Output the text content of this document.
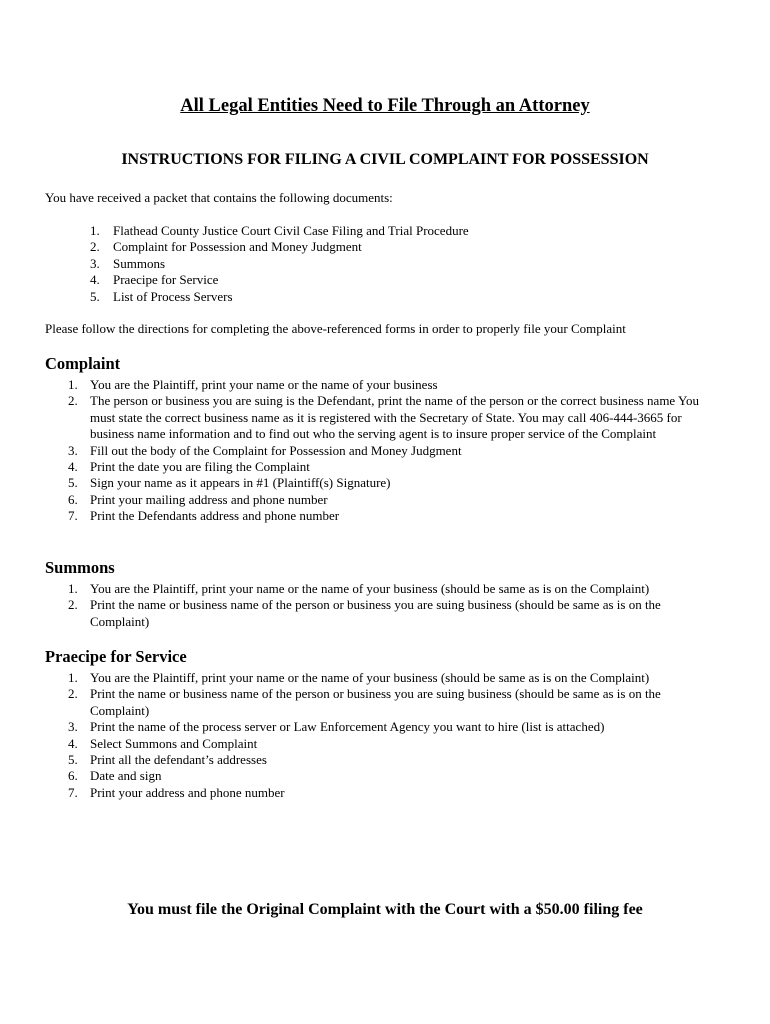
All Legal Entities Need to File Through an Attorney
INSTRUCTIONS FOR FILING A CIVIL COMPLAINT FOR POSSESSION
You have received a packet that contains the following documents:
1. Flathead County Justice Court Civil Case Filing and Trial Procedure
2. Complaint for Possession and Money Judgment
3. Summons
4. Praecipe for Service
5. List of Process Servers
Please follow the directions for completing the above-referenced forms in order to properly file your Complaint
Complaint
1. You are the Plaintiff, print your name or the name of your business
2. The person or business you are suing is the Defendant, print the name of the person or the correct business name You must state the correct business name as it is registered with the Secretary of State. You may call 406-444-3665 for business name information and to find out who the serving agent is to insure proper service of the Complaint
3. Fill out the body of the Complaint for Possession and Money Judgment
4. Print the date you are filing the Complaint
5. Sign your name as it appears in #1 (Plaintiff(s) Signature)
6. Print your mailing address and phone number
7. Print the Defendants address and phone number
Summons
1. You are the Plaintiff, print your name or the name of your business (should be same as is on the Complaint)
2. Print the name or business name of the person or business you are suing business (should be same as is on the Complaint)
Praecipe for Service
1. You are the Plaintiff, print your name or the name of your business (should be same as is on the Complaint)
2. Print the name or business name of the person or business you are suing business (should be same as is on the Complaint)
3. Print the name of the process server or Law Enforcement Agency you want to hire (list is attached)
4. Select Summons and Complaint
5. Print all the defendant’s addresses
6. Date and sign
7. Print your address and phone number
You must file the Original Complaint with the Court with a $50.00 filing fee
